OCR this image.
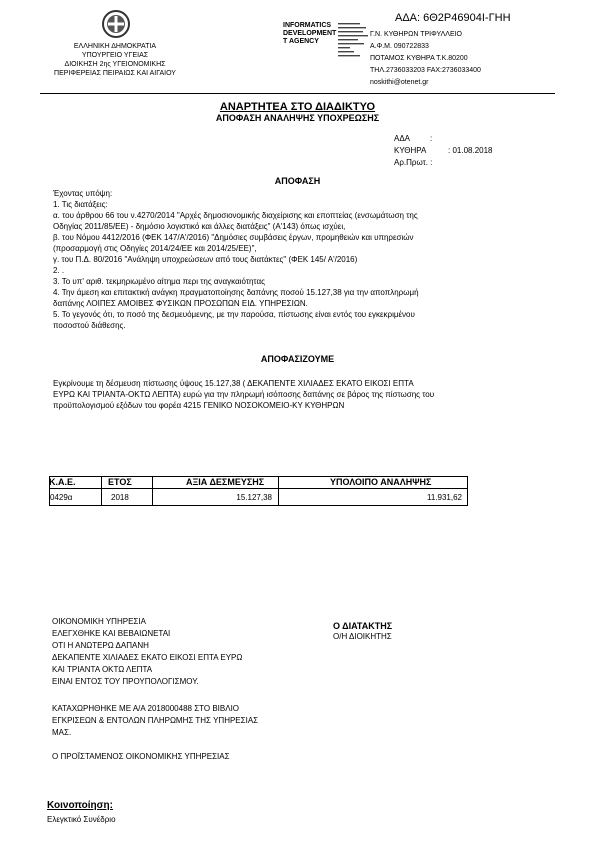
ΕΛΛΗΝΙΚΗ ΔΗΜΟΚΡΑΤΙΑ
ΥΠΟΥΡΓΕΙΟ ΥΓΕΙΑΣ
ΔΙΟΙΚΗΣΗ 2ης ΥΓΕΙΟΝΟΜΙΚΗΣ
ΠΕΡΙΦΕΡΕΙΑΣ ΠΕΙΡΑΙΩΣ ΚΑΙ ΑΙΓΑΙΟΥ
ΑΔΑ: 6Θ2Ρ46904Ι-ΓΗΗ
INFORMATICS
DEVELOPMENT
T AGENCY
Γ.Ν. ΚΥΘΗΡΩΝ ΤΡΙΦΥΛΛΕΙΟ
Α.Φ.Μ. 090722833
ΠΟΤΑΜΟΣ ΚΥΘΗΡΑ Τ.Κ.80200
ΤΗΛ.2736033203 FAX:2736033400
noskithi@otenet.gr
ΑΝΑΡΤΗΤΕΑ ΣΤΟ ΔΙΑΔΙΚΤΥΟ
ΑΠΟΦΑΣΗ ΑΝΑΛΗΨΗΣ ΥΠΟΧΡΕΩΣΗΣ
ΑΔΑ :
ΚΥΘΗΡΑ	: 01.08.2018
Αρ.Πρωτ. :
ΑΠΟΦΑΣΗ
Έχοντας υπόψη:
1. Τις διατάξεις:
α. του άρθρου 66 του ν.4270/2014 "Αρχές δημοσιονομικής διαχείρισης και εποπτείας (ενσωμάτωση της
Οδηγίας 2011/85/ΕΕ) - δημόσιο λογιστικό και άλλες διατάξεις" (Α'143) όπως ισχύει,
β. του Νόμου 4412/2016 (ΦΕΚ 147/Α'/2016) "Δημόσιες συμβάσεις έργων, προμηθειών και υπηρεσιών
(προσαρμογή στις Οδηγίες 2014/24/ΕΕ και 2014/25/ΕΕ)",
γ. του Π.Δ. 80/2016 "Ανάληψη υποχρεώσεων από τους διατάκτες" (ΦΕΚ 145/ Α'/2016)
2. .
3. Το υπ' αριθ. τεκμηριωμένο αίτημα περι της αναγκαιότητας
4. Την άμεση και επιτακτική ανάγκη πραγματοποίησης δαπάνης ποσού 15.127,38 για την αποπληρωμή
δαπάνης ΛΟΙΠΕΣ ΑΜΟΙΒΕΣ ΦΥΣΙΚΩΝ ΠΡΟΣΩΠΩΝ ΕΙΔ. ΥΠΗΡΕΣΙΩΝ.
5. Το γεγονός ότι, το ποσό της δεσμευόμενης, με την παρούσα, πίστωσης είναι εντός του εγκεκριμένου
ποσοστού διάθεσης.
ΑΠΟΦΑΣΙΖΟΥΜΕ
Εγκρίνουμε τη δέσμευση πίστωσης ύψους 15.127,38 ( ΔΕΚΑΠΕΝΤΕ ΧΙΛΙΑΔΕΣ ΕΚΑΤΟ ΕΙΚΟΣΙ ΕΠΤΑ
ΕΥΡΩ ΚΑΙ ΤΡΙΑΝΤΑ-ΟΚΤΩ ΛΕΠΤΑ) ευρώ για την πληρωμή ισόποσης δαπάνης σε βάρος της πίστωσης του
προϋπολογισμού εξόδων του φορέα 4215 ΓΕΝΙΚΟ ΝΟΣΟΚΟΜΕΙΟ-ΚΥ ΚΥΘΗΡΩΝ
Κ.Α.Ε.	ΕΤΟΣ	ΑΞΙΑ ΔΕΣΜΕΥΣΗΣ	ΥΠΟΛΟΙΠΟ ΑΝΑΛΗΨΗΣ
0429α	2018	15.127,38	11.931,62
ΟΙΚΟΝΟΜΙΚΗ ΥΠΗΡΕΣΙΑ
ΕΛΕΓΧΘΗΚΕ ΚΑΙ ΒΕΒΑΙΩΝΕΤΑΙ
ΟΤΙ Η ΑΝΩΤΕΡΩ ΔΑΠΑΝΗ
ΔΕΚΑΠΕΝΤΕ ΧΙΛΙΑΔΕΣ ΕΚΑΤΟ ΕΙΚΟΣΙ ΕΠΤΑ ΕΥΡΩ
ΚΑΙ ΤΡΙΑΝΤΑ ΟΚΤΩ ΛΕΠΤΑ
ΕΙΝΑΙ ΕΝΤΟΣ ΤΟΥ ΠΡΟΥΠΟΛΟΓΙΣΜΟΥ.
Ο ΔΙΑΤΑΚΤΗΣ
Ο/Η ΔΙΟΙΚΗΤΗΣ
ΚΑΤΑΧΩΡΗΘΗΚΕ ΜΕ Α/Α 2018000488 ΣΤΟ ΒΙΒΛΙΟ
ΕΓΚΡΙΣΕΩΝ & ΕΝΤΟΛΩΝ ΠΛΗΡΩΜΗΣ ΤΗΣ ΥΠΗΡΕΣΙΑΣ
ΜΑΣ.
Ο ΠΡΟΪΣΤΑΜΕΝΟΣ ΟΙΚΟΝΟΜΙΚΗΣ ΥΠΗΡΕΣΙΑΣ
Κοινοποίηση:
Ελεγκτικό Συνέδριο
